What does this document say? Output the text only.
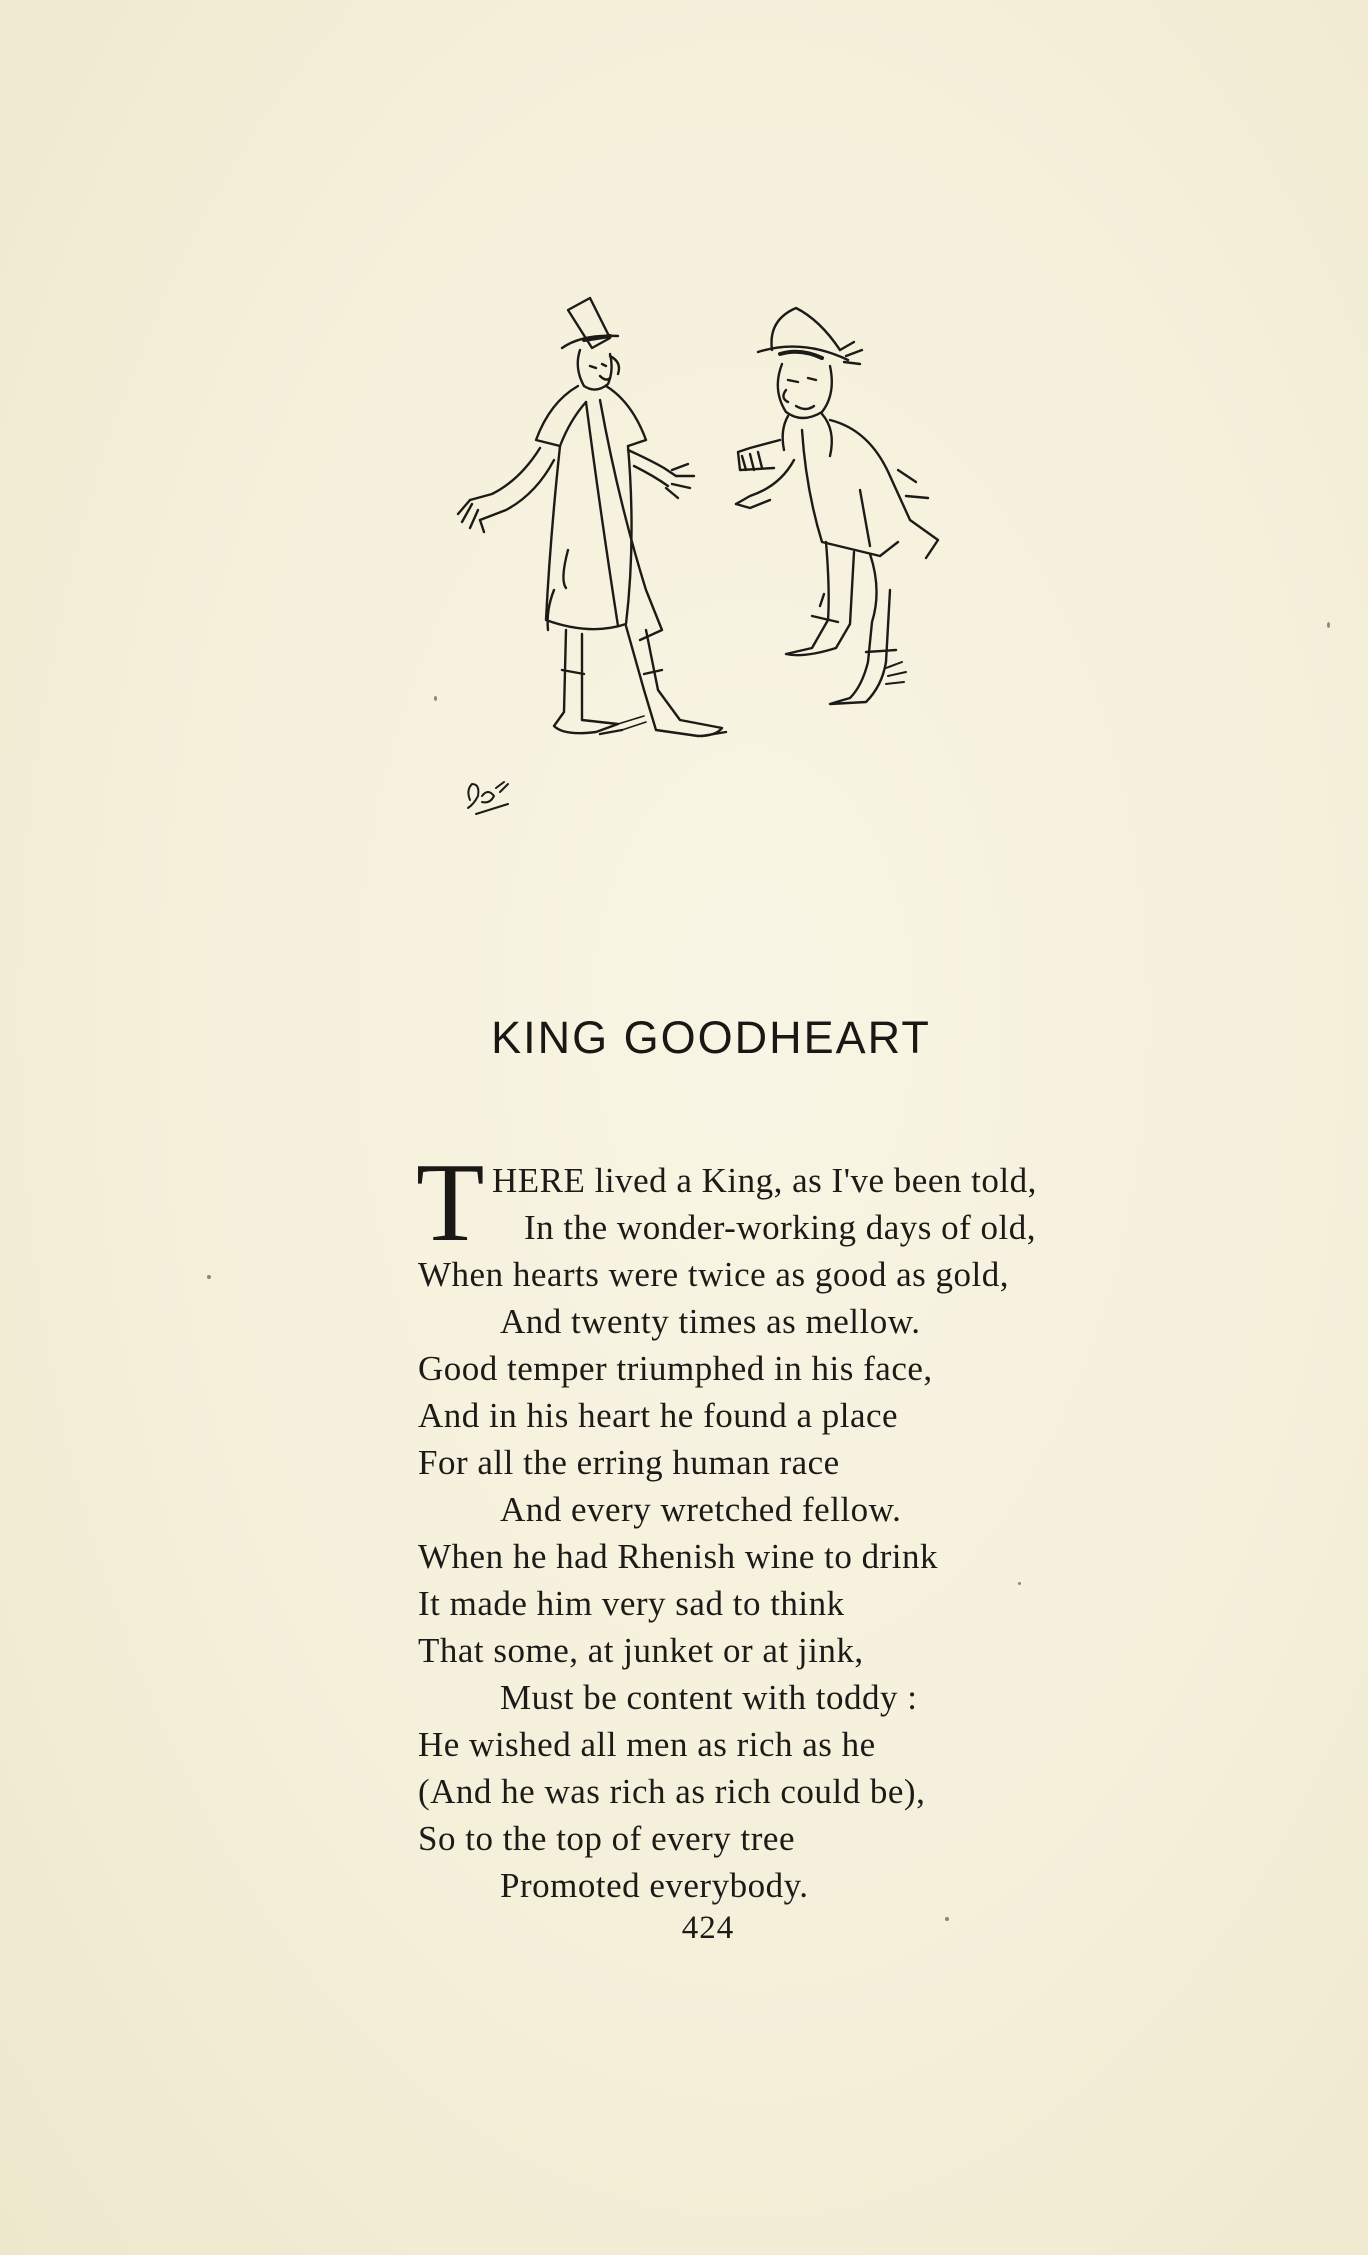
KING GOODHEART
T HERE lived a King, as I've been told,
In the wonder-working days of old,
When hearts were twice as good as gold,
And twenty times as mellow.
Good temper triumphed in his face,
And in his heart he found a place
For all the erring human race
And every wretched fellow.
When he had Rhenish wine to drink
It made him very sad to think
That some, at junket or at jink,
Must be content with toddy :
He wished all men as rich as he
(And he was rich as rich could be),
So to the top of every tree
Promoted everybody.
424
